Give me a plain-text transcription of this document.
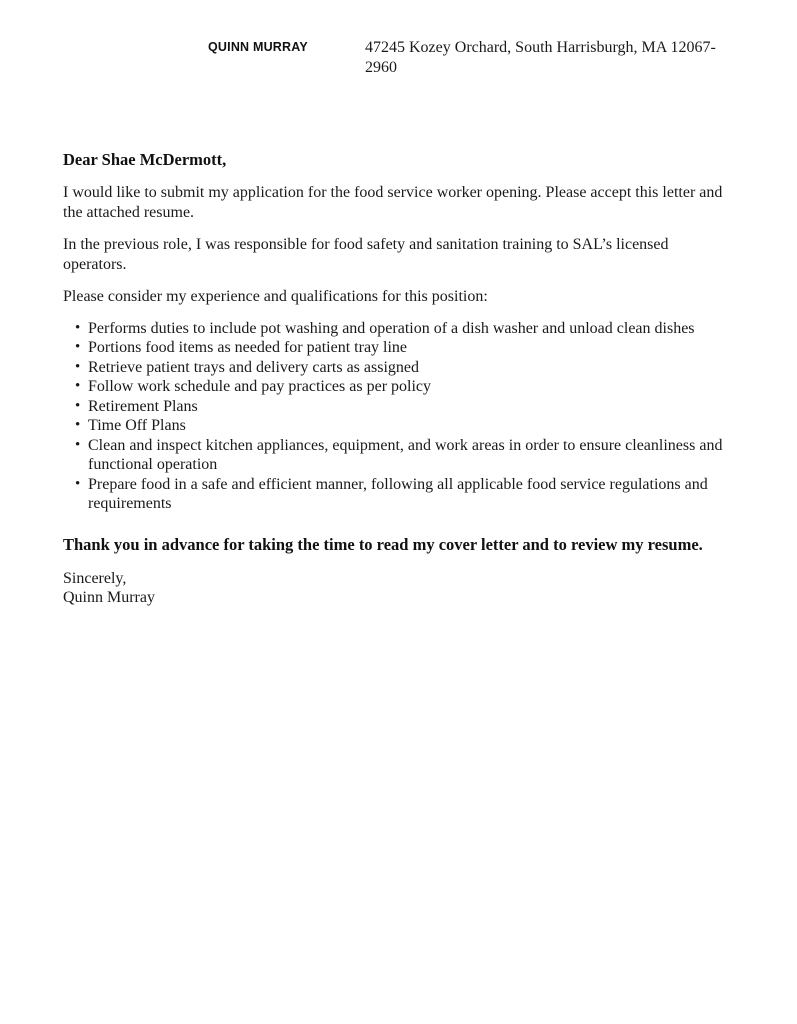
QUINN MURRAY	47245 Kozey Orchard, South Harrisburgh, MA 12067-2960

Dear Shae McDermott,

I would like to submit my application for the food service worker opening. Please accept this letter and the attached resume.

In the previous role, I was responsible for food safety and sanitation training to SAL’s licensed operators.

Please consider my experience and qualifications for this position:

• Performs duties to include pot washing and operation of a dish washer and unload clean dishes
• Portions food items as needed for patient tray line
• Retrieve patient trays and delivery carts as assigned
• Follow work schedule and pay practices as per policy
• Retirement Plans
• Time Off Plans
• Clean and inspect kitchen appliances, equipment, and work areas in order to ensure cleanliness and functional operation
• Prepare food in a safe and efficient manner, following all applicable food service regulations and requirements

Thank you in advance for taking the time to read my cover letter and to review my resume.

Sincerely,
Quinn Murray
